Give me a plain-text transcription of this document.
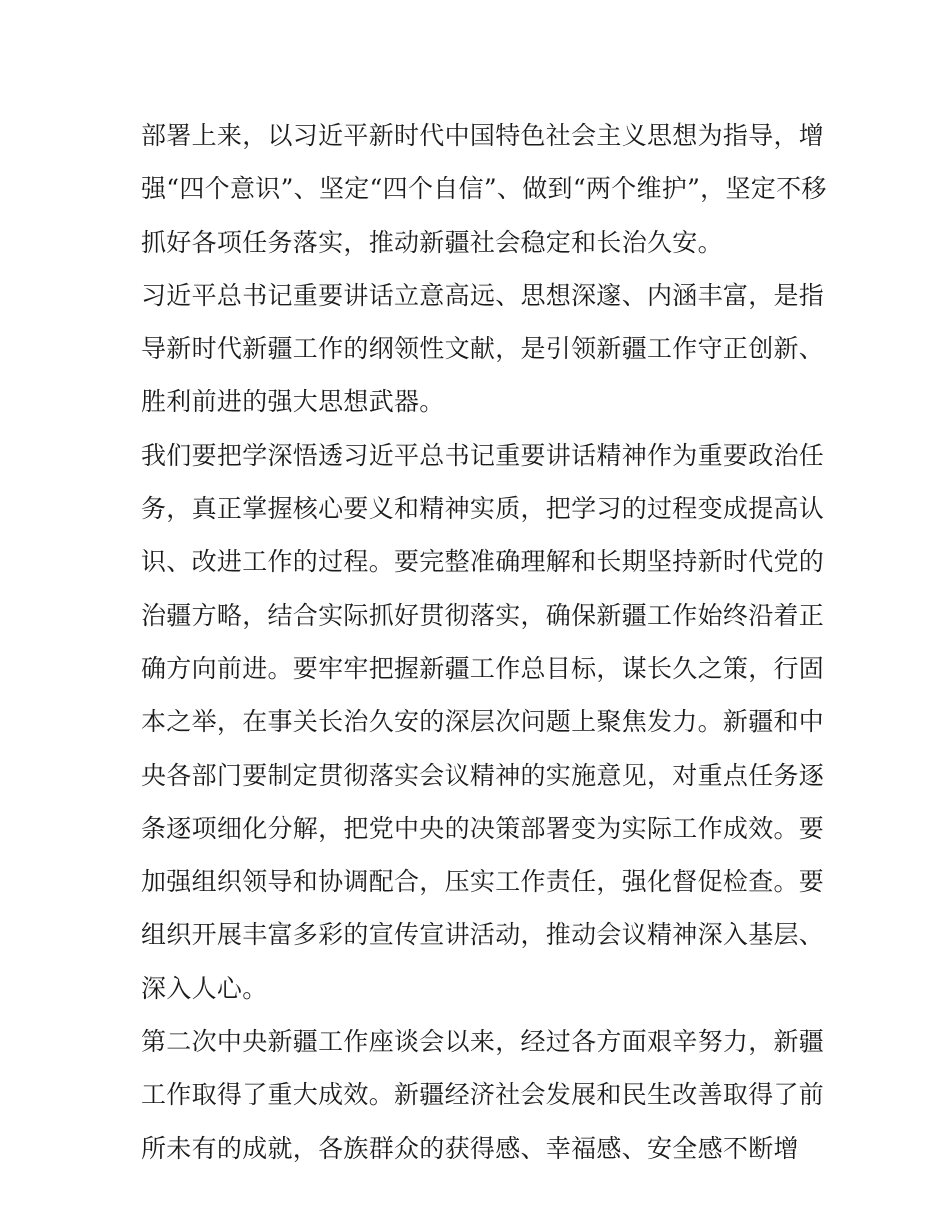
部署上来，以习近平新时代中国特色社会主义思想为指导，增
强“四个意识”、坚定“四个自信”、做到“两个维护”，坚定不移
抓好各项任务落实，推动新疆社会稳定和长治久安。
习近平总书记重要讲话立意高远、思想深邃、内涵丰富，是指
导新时代新疆工作的纲领性文献，是引领新疆工作守正创新、
胜利前进的强大思想武器。
我们要把学深悟透习近平总书记重要讲话精神作为重要政治任
务，真正掌握核心要义和精神实质，把学习的过程变成提高认
识、改进工作的过程。要完整准确理解和长期坚持新时代党的
治疆方略，结合实际抓好贯彻落实，确保新疆工作始终沿着正
确方向前进。要牢牢把握新疆工作总目标，谋长久之策，行固
本之举，在事关长治久安的深层次问题上聚焦发力。新疆和中
央各部门要制定贯彻落实会议精神的实施意见，对重点任务逐
条逐项细化分解，把党中央的决策部署变为实际工作成效。要
加强组织领导和协调配合，压实工作责任，强化督促检查。要
组织开展丰富多彩的宣传宣讲活动，推动会议精神深入基层、
深入人心。
第二次中央新疆工作座谈会以来，经过各方面艰辛努力，新疆
工作取得了重大成效。新疆经济社会发展和民生改善取得了前
所未有的成就，各族群众的获得感、幸福感、安全感不断增
